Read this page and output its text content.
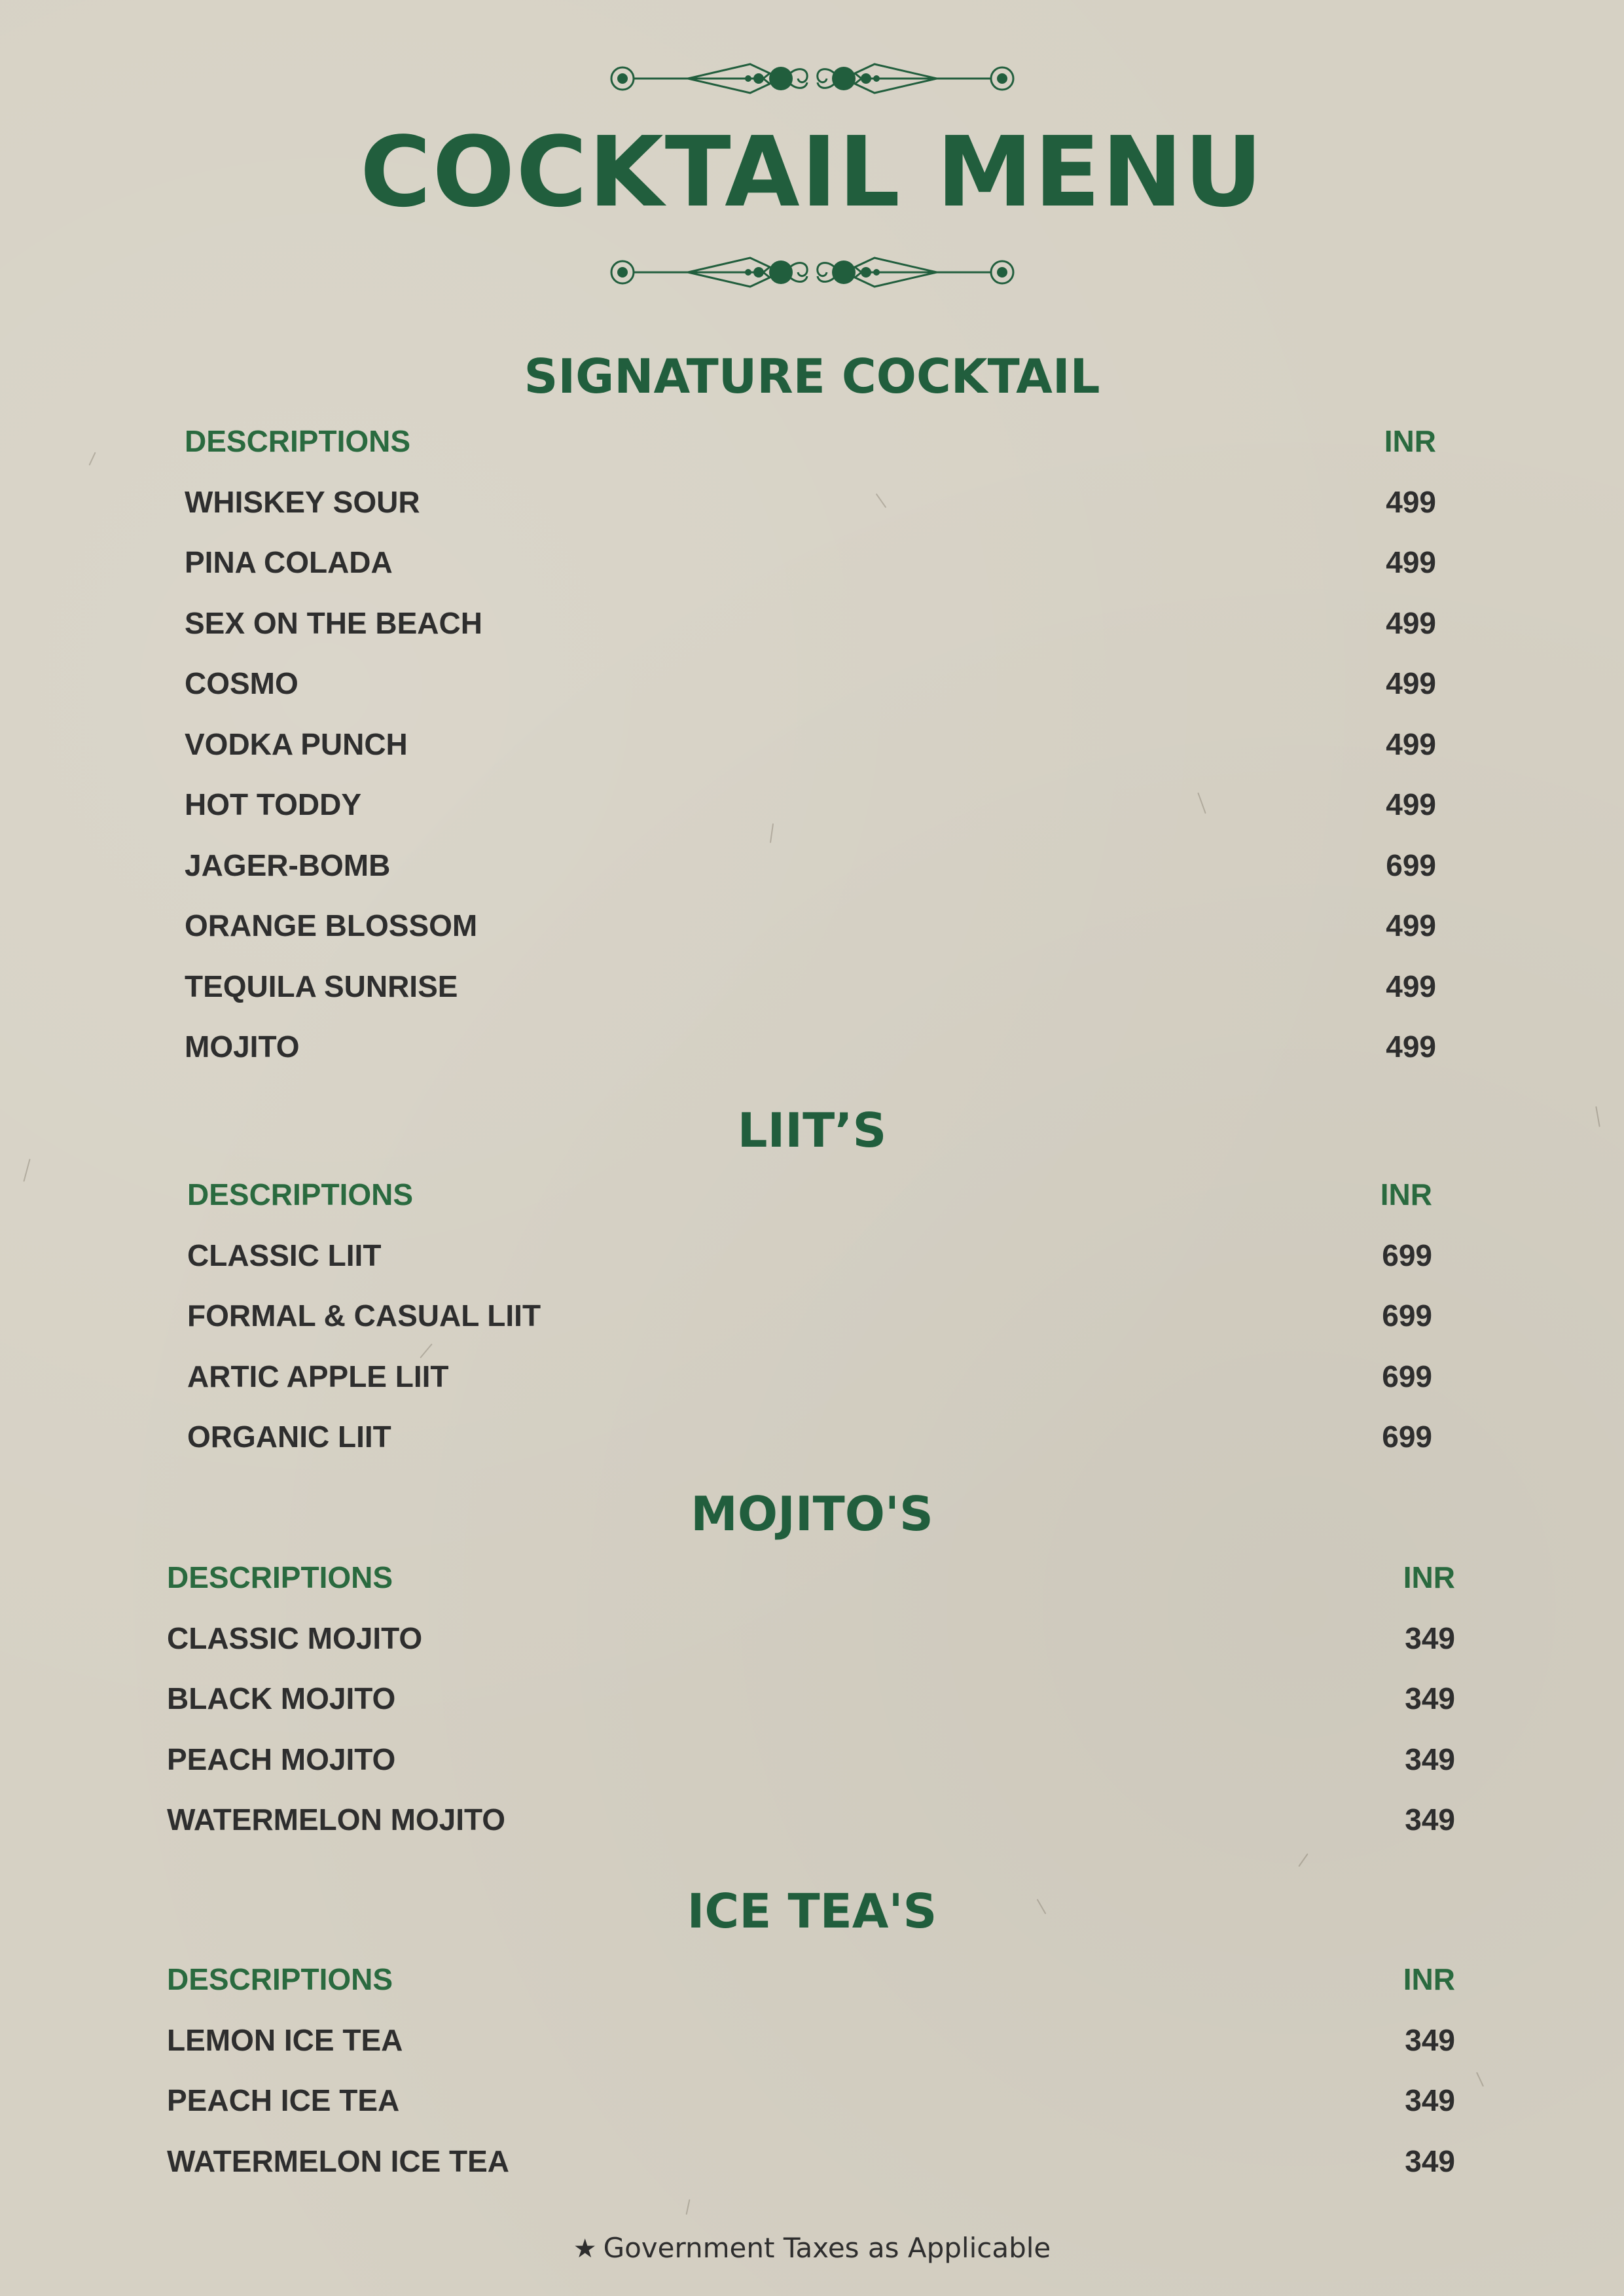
COCKTAIL MENU
SIGNATURE COCKTAIL
DESCRIPTIONS	INR
WHISKEY SOUR	499
PINA COLADA	499
SEX ON THE BEACH	499
COSMO	499
VODKA PUNCH	499
HOT TODDY	499
JAGER-BOMB	699
ORANGE BLOSSOM	499
TEQUILA SUNRISE	499
MOJITO	499
LIIT’S
DESCRIPTIONS	INR
CLASSIC LIIT	699
FORMAL & CASUAL LIIT	699
ARTIC APPLE LIIT	699
ORGANIC LIIT	699
MOJITO'S
DESCRIPTIONS	INR
CLASSIC MOJITO	349
BLACK MOJITO	349
PEACH MOJITO	349
WATERMELON MOJITO	349
ICE TEA'S
DESCRIPTIONS	INR
LEMON ICE TEA	349
PEACH ICE TEA	349
WATERMELON ICE TEA	349
★ Government Taxes as Applicable
